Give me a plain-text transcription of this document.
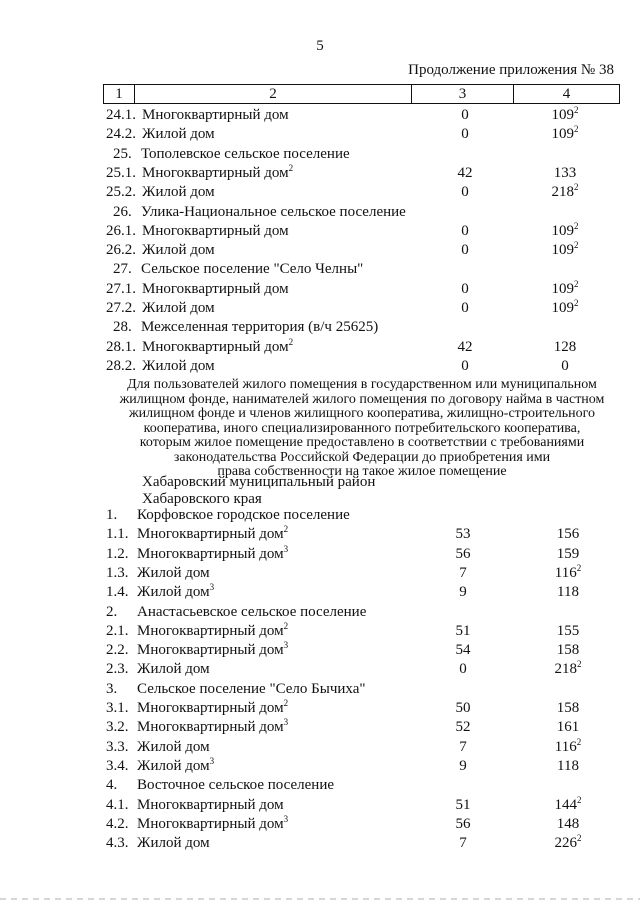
5
Продолжение приложения № 38
1	2	3	4
24.1. Многоквартирный дом	0	$109^2$
24.2. Жилой дом	0	$109^2$
25. Тополевское сельское поселение
25.1. Многоквартирный дом$^2$	42	133
25.2. Жилой дом	0	$218^2$
26. Улика-Национальное сельское поселение
26.1. Многоквартирный дом	0	$109^2$
26.2. Жилой дом	0	$109^2$
27. Сельское поселение "Село Челны"
27.1. Многоквартирный дом	0	$109^2$
27.2. Жилой дом	0	$109^2$
28. Межселенная территория (в/ч 25625)
28.1. Многоквартирный дом$^2$	42	128
28.2. Жилой дом	0	0
Для пользователей жилого помещения в государственном или муниципальном
жилищном фонде, нанимателей жилого помещения по договору найма в частном
жилищном фонде и членов жилищного кооператива, жилищно-строительного
кооператива, иного специализированного потребительского кооператива,
которым жилое помещение предоставлено в соответствии с требованиями
законодательства Российской Федерации до приобретения ими
права собственности на такое жилое помещение
Хабаровский муниципальный район
Хабаровского края
1. Корфовское городское поселение
1.1. Многоквартирный дом$^2$	53	156
1.2. Многоквартирный дом$^3$	56	159
1.3. Жилой дом	7	$116^2$
1.4. Жилой дом$^3$	9	118
2. Анастасьевское сельское поселение
2.1. Многоквартирный дом$^2$	51	155
2.2. Многоквартирный дом$^3$	54	158
2.3. Жилой дом	0	$218^2$
3. Сельское поселение "Село Бычиха"
3.1. Многоквартирный дом$^2$	50	158
3.2. Многоквартирный дом$^3$	52	161
3.3. Жилой дом	7	$116^2$
3.4. Жилой дом$^3$	9	118
4. Восточное сельское поселение
4.1. Многоквартирный дом	51	$144^2$
4.2. Многоквартирный дом$^3$	56	148
4.3. Жилой дом	7	$226^2$
